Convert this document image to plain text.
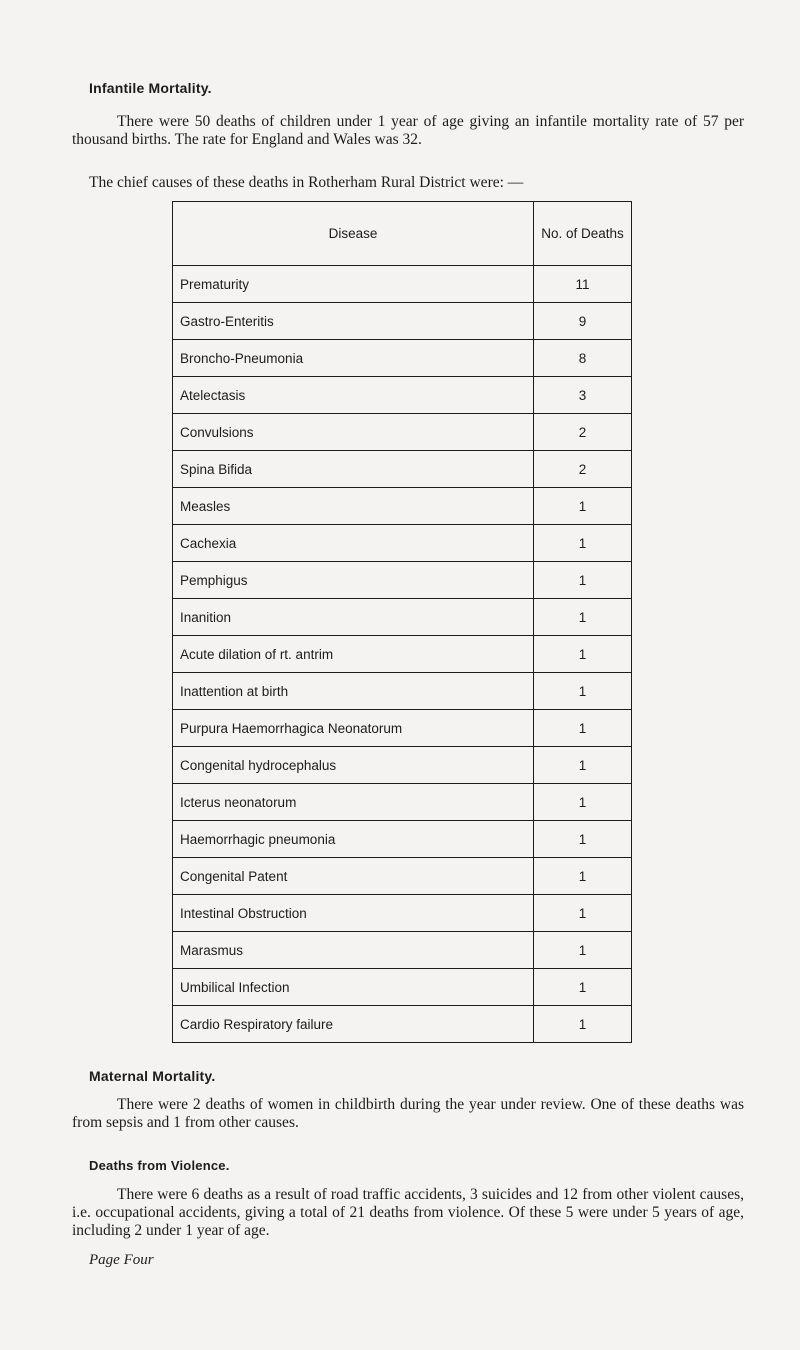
Infantile Mortality.
There were 50 deaths of children under 1 year of age giving an infantile mortality rate of 57 per thousand births. The rate for England and Wales was 32.
The chief causes of these deaths in Rotherham Rural District were: —
Disease	No. of Deaths
Prematurity	11
Gastro-Enteritis	9
Broncho-Pneumonia	8
Atelectasis	3
Convulsions	2
Spina Bifida	2
Measles	1
Cachexia	1
Pemphigus	1
Inanition	1
Acute dilation of rt. antrim	1
Inattention at birth	1
Purpura Haemorrhagica Neonatorum	1
Congenital hydrocephalus	1
Icterus neonatorum	1
Haemorrhagic pneumonia	1
Congenital Patent	1
Intestinal Obstruction	1
Marasmus	1
Umbilical Infection	1
Cardio Respiratory failure	1
Maternal Mortality.
There were 2 deaths of women in childbirth during the year under review. One of these deaths was from sepsis and 1 from other causes.
Deaths from Violence.
There were 6 deaths as a result of road traffic accidents, 3 suicides and 12 from other violent causes, i.e. occupational accidents, giving a total of 21 deaths from violence. Of these 5 were under 5 years of age, including 2 under 1 year of age.
Page Four
